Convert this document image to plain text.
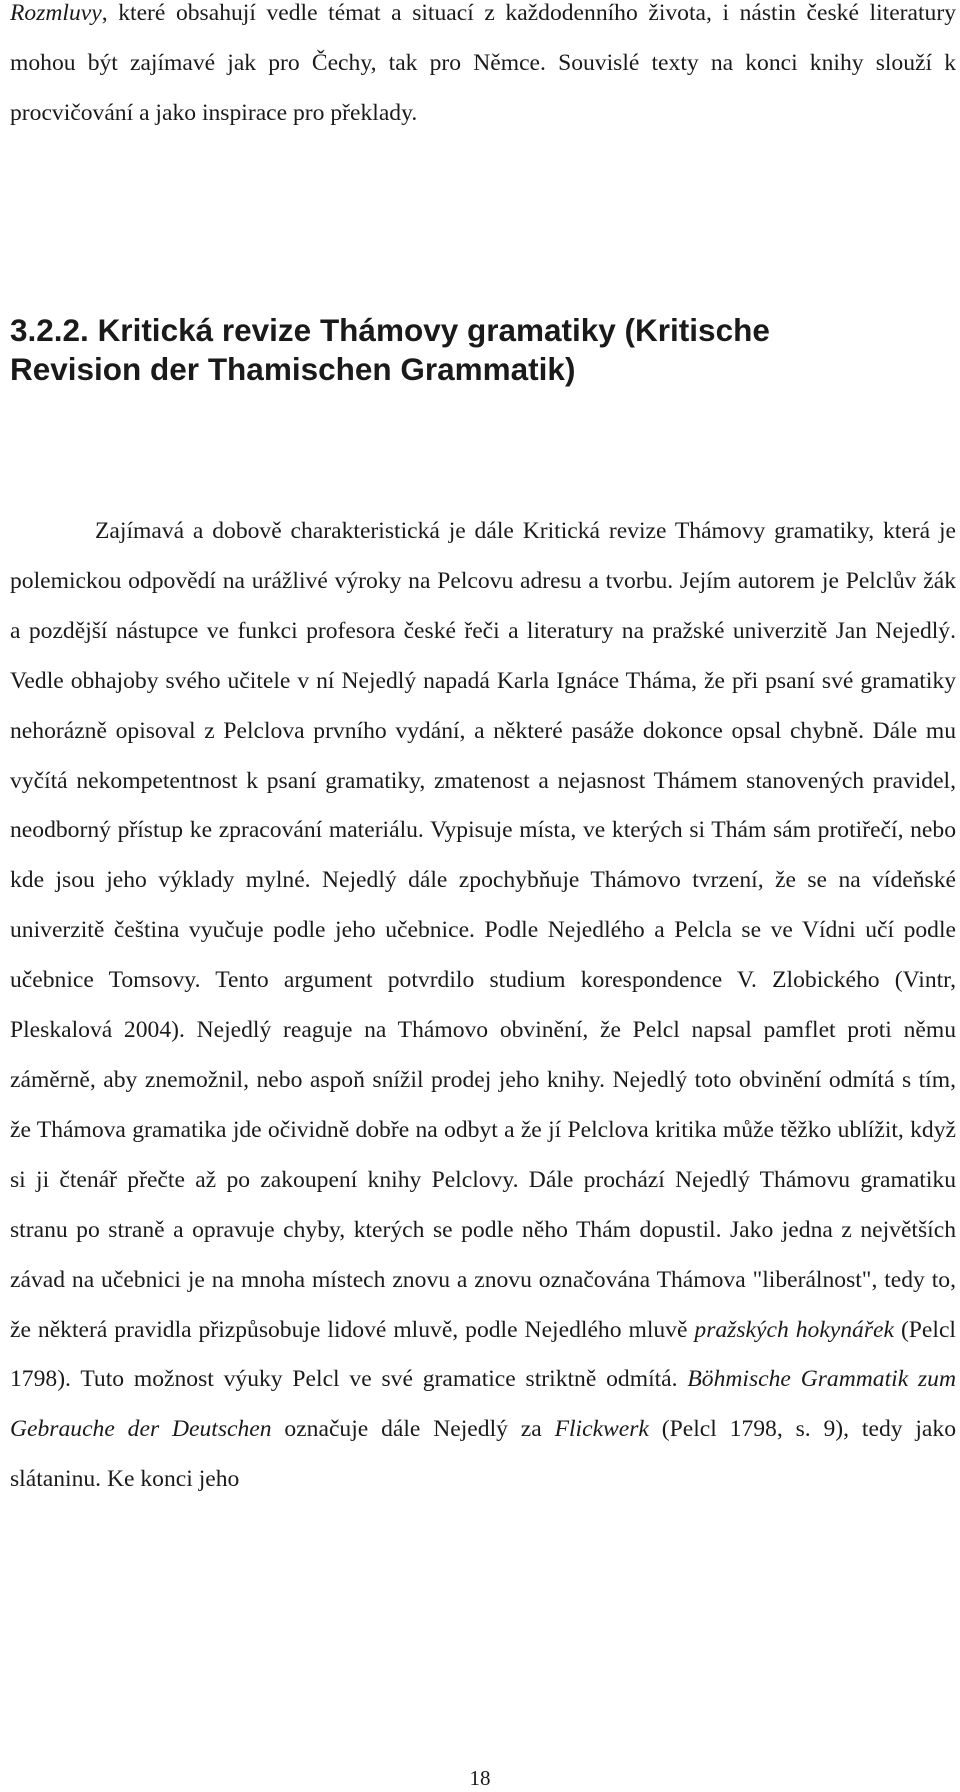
Rozmluvy, které obsahují vedle témat a situací z každodenního života, i nástin české literatury mohou být zajímavé jak pro Čechy, tak pro Němce. Souvislé texty na konci knihy slouží k procvičování a jako inspirace pro překlady.

3.2.2. Kritická revize Thámovy gramatiky (Kritische
Revision der Thamischen Grammatik)

Zajímavá a dobově charakteristická je dále Kritická revize Thámovy gramatiky, která je polemickou odpovědí na urážlivé výroky na Pelcovu adresu a tvorbu. Jejím autorem je Pelclův žák a pozdější nástupce ve funkci profesora české řeči a literatury na pražské univerzitě Jan Nejedlý. Vedle obhajoby svého učitele v ní Nejedlý napadá Karla Ignáce Tháma, že při psaní své gramatiky nehorázně opisoval z Pelclova prvního vydání, a některé pasáže dokonce opsal chybně. Dále mu vyčítá nekompetentnost k psaní gramatiky, zmatenost a nejasnost Thámem stanovených pravidel, neodborný přístup ke zpracování materiálu. Vypisuje místa, ve kterých si Thám sám protiřečí, nebo kde jsou jeho výklady mylné. Nejedlý dále zpochybňuje Thámovo tvrzení, že se na vídeňské univerzitě čeština vyučuje podle jeho učebnice. Podle Nejedlého a Pelcla se ve Vídni učí podle učebnice Tomsovy. Tento argument potvrdilo studium korespondence V. Zlobického (Vintr, Pleskalová 2004). Nejedlý reaguje na Thámovo obvinění, že Pelcl napsal pamflet proti němu záměrně, aby znemožnil, nebo aspoň snížil prodej jeho knihy. Nejedlý toto obvinění odmítá s tím, že Thámova gramatika jde očividně dobře na odbyt a že jí Pelclova kritika může těžko ublížit, když si ji čtenář přečte až po zakoupení knihy Pelclovy. Dále prochází Nejedlý Thámovu gramatiku stranu po straně a opravuje chyby, kterých se podle něho Thám dopustil. Jako jedna z největších závad na učebnici je na mnoha místech znovu a znovu označována Thámova "liberálnost", tedy to, že některá pravidla přizpůsobuje lidové mluvě, podle Nejedlého mluvě pražských hokynářek (Pelcl 1798). Tuto možnost výuky Pelcl ve své gramatice striktně odmítá. Böhmische Grammatik zum Gebrauche der Deutschen označuje dále Nejedlý za Flickwerk (Pelcl 1798, s. 9), tedy jako slátaninu. Ke konci jeho

18
